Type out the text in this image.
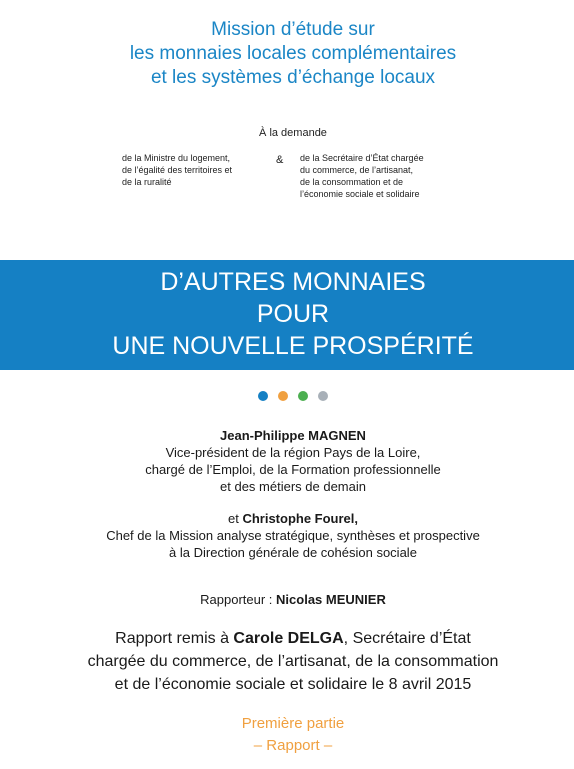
Mission d’étude sur
les monnaies locales complémentaires
et les systèmes d’échange locaux
À la demande
de la Ministre du logement,
de l’égalité des territoires et
de la ruralité
& de la Secrétaire d’État chargée
du commerce, de l’artisanat,
de la consommation et de
l’économie sociale et solidaire
D’AUTRES MONNAIES
POUR
UNE NOUVELLE PROSPÉRITÉ

Jean-Philippe MAGNEN
Vice-président de la région Pays de la Loire,
chargé de l’Emploi, de la Formation professionnelle
et des métiers de demain
et Christophe Fourel,
Chef de la Mission analyse stratégique, synthèses et prospective
à la Direction générale de cohésion sociale
Rapporteur : Nicolas MEUNIER
Rapport remis à Carole DELGA, Secrétaire d’État
chargée du commerce, de l’artisanat, de la consommation
et de l’économie sociale et solidaire le 8 avril 2015
Première partie
– Rapport –
